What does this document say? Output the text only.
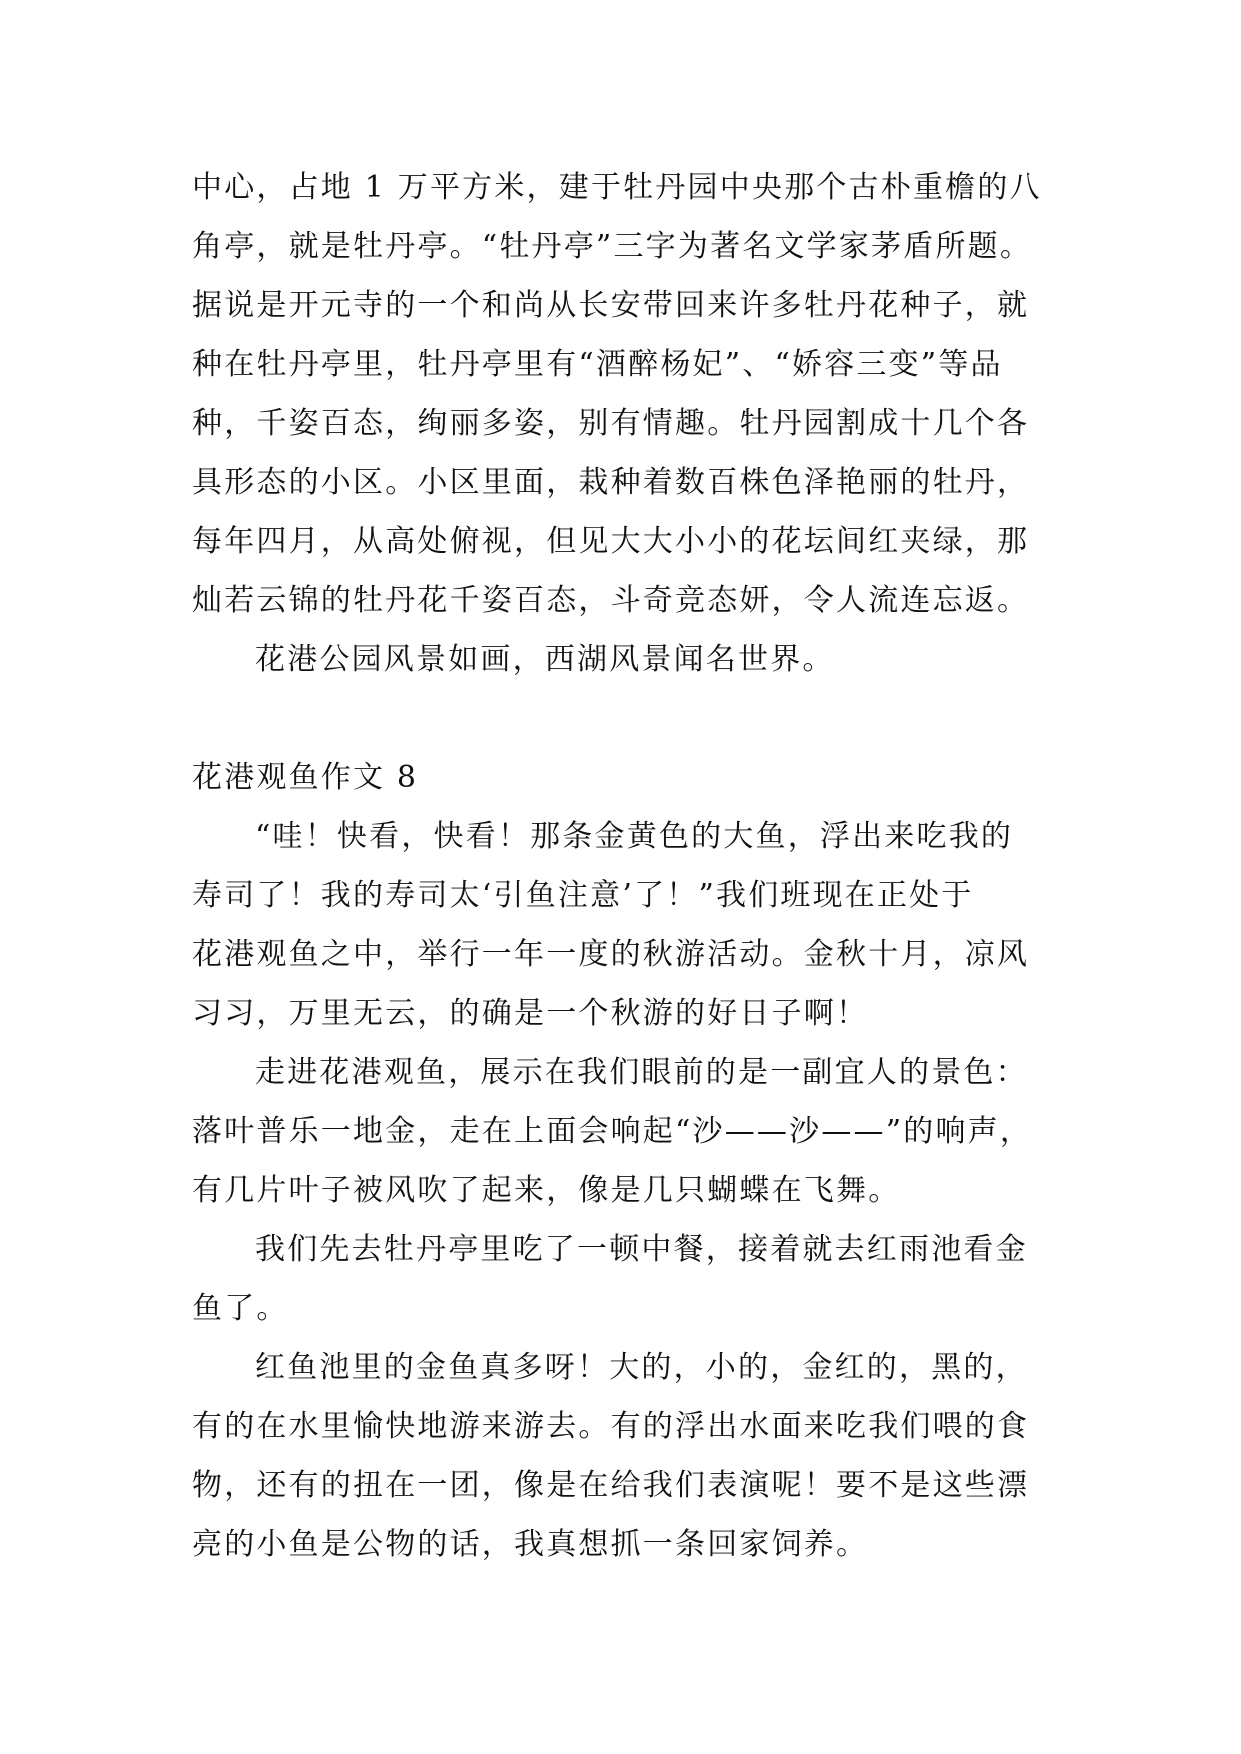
中心，占地 1 万平方米，建于牡丹园中央那个古朴重檐的八
角亭，就是牡丹亭。“牡丹亭”三字为著名文学家茅盾所题。
据说是开元寺的一个和尚从长安带回来许多牡丹花种子，就
种在牡丹亭里，牡丹亭里有“酒醉杨妃”、“娇容三变”等品
种，千姿百态，绚丽多姿，别有情趣。牡丹园割成十几个各
具形态的小区。小区里面，栽种着数百株色泽艳丽的牡丹，
每年四月，从高处俯视，但见大大小小的花坛间红夹绿，那
灿若云锦的牡丹花千姿百态，斗奇竞态妍，令人流连忘返。
花港公园风景如画，西湖风景闻名世界。
花港观鱼作文 8
“哇！快看，快看！那条金黄色的大鱼，浮出来吃我的
寿司了！我的寿司太‘引鱼注意’了！”我们班现在正处于
花港观鱼之中，举行一年一度的秋游活动。金秋十月，凉风
习习，万里无云，的确是一个秋游的好日子啊！
走进花港观鱼，展示在我们眼前的是一副宜人的景色：
落叶普乐一地金，走在上面会响起“沙——沙——”的响声，
有几片叶子被风吹了起来，像是几只蝴蝶在飞舞。
我们先去牡丹亭里吃了一顿中餐，接着就去红雨池看金
鱼了。
红鱼池里的金鱼真多呀！大的，小的，金红的，黑的，
有的在水里愉快地游来游去。有的浮出水面来吃我们喂的食
物，还有的扭在一团，像是在给我们表演呢！要不是这些漂
亮的小鱼是公物的话，我真想抓一条回家饲养。
